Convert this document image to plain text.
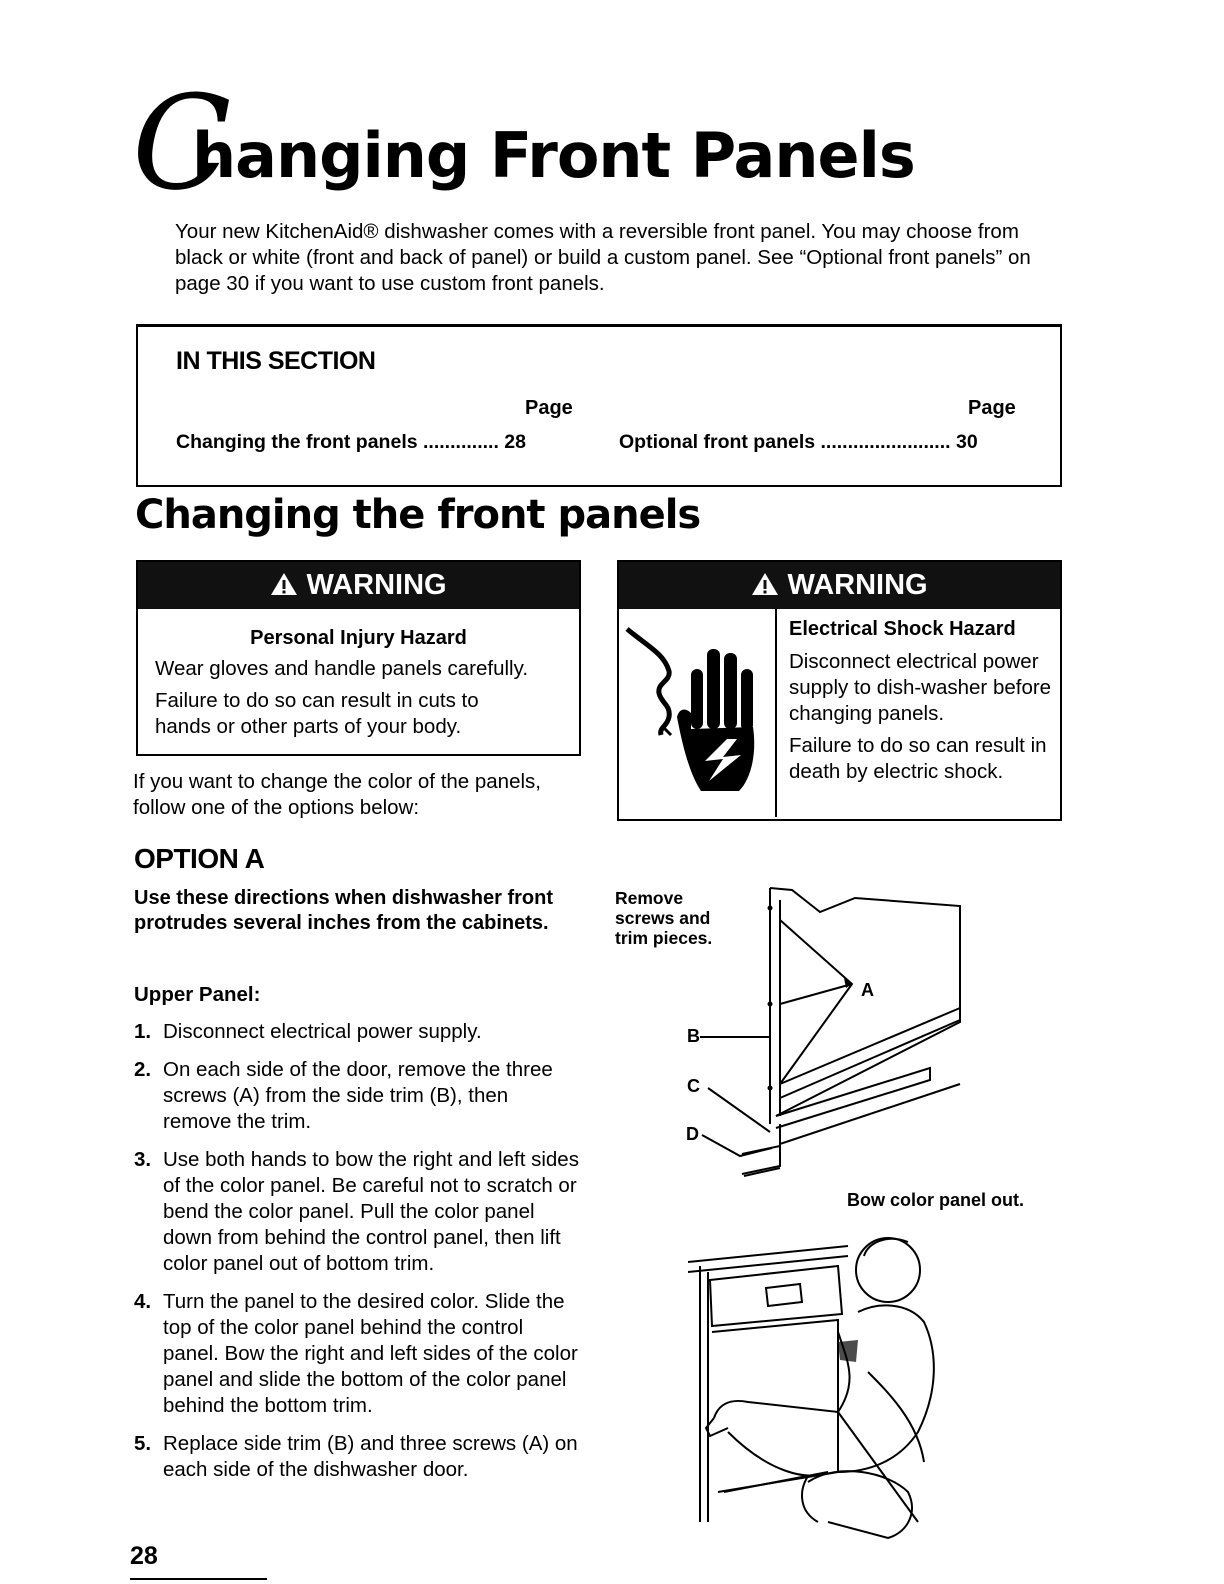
C
hanging Front Panels
Your new KitchenAid® dishwasher comes with a reversible front panel. You may choose from black or white (front and back of panel) or build a custom panel. See “Optional front panels” on page 30 if you want to use custom front panels.
IN THIS SECTION
Page	Page
Changing the front panels .............. 28	Optional front panels ........................ 30
Changing the front panels
WARNING
Personal Injury Hazard

Wear gloves and handle panels carefully.

Failure to do so can result in cuts to hands or other parts of your body.

WARNING
Electrical Shock Hazard

Disconnect electrical power supply to dish-washer before changing panels.

Failure to do so can result in death by electric shock.

If you want to change the color of the panels, follow one of the options below:
OPTION A
Use these directions when dishwasher front protrudes several inches from the cabinets.
Upper Panel:
1. Disconnect electrical power supply.
2. On each side of the door, remove the three screws (A) from the side trim (B), then remove the trim.
3. Use both hands to bow the right and left sides of the color panel. Be careful not to scratch or bend the color panel. Pull the color panel down from behind the control panel, then lift color panel out of bottom trim.
4. Turn the panel to the desired color. Slide the top of the color panel behind the control panel. Bow the right and left sides of the color panel and slide the bottom of the color panel behind the bottom trim.
5. Replace side trim (B) and three screws (A) on each side of the dishwasher door.
Remove screws and trim pieces.
A
B
C
D
Bow color panel out.
28
